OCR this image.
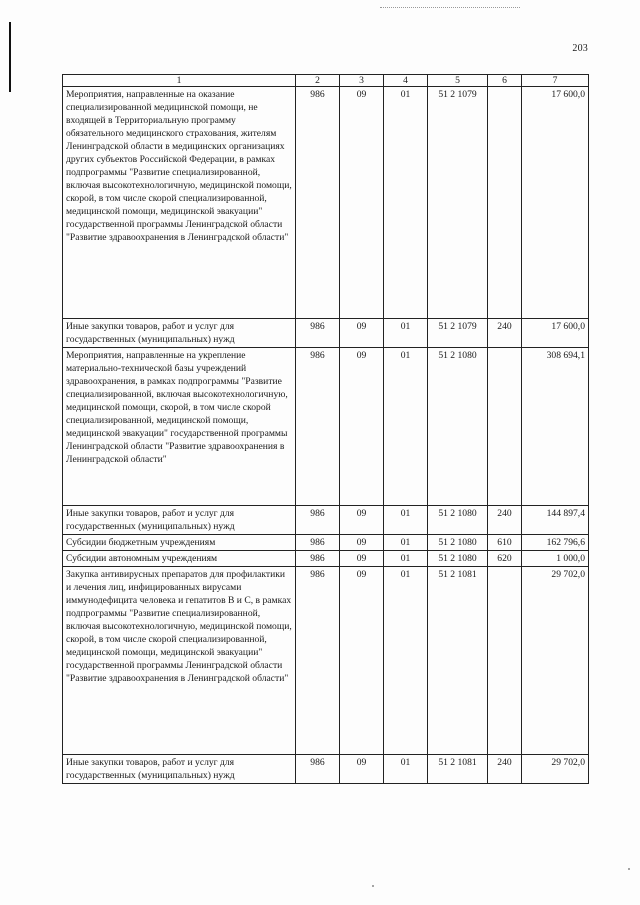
203
1	2	3	4	5	6	7
Мероприятия, направленные на оказание специализированной медицинской помощи, не входящей в Территориальную программу обязательного медицинского страхования, жителям Ленинградской области в медицинских организациях других субъектов Российской Федерации, в рамках подпрограммы "Развитие специализированной, включая высокотехнологичную, медицинской помощи, скорой, в том числе скорой специализированной, медицинской помощи, медицинской эвакуации" государственной программы Ленинградской области "Развитие здравоохранения в Ленинградской области"	986	09	01	51 2 1079		17 600,0
Иные закупки товаров, работ и услуг для государственных (муниципальных) нужд	986	09	01	51 2 1079	240	17 600,0
Мероприятия, направленные на укрепление материально-технической базы учреждений здравоохранения, в рамках подпрограммы "Развитие специализированной, включая высокотехнологичную, медицинской помощи, скорой, в том числе скорой специализированной, медицинской помощи, медицинской эвакуации" государственной программы Ленинградской области "Развитие здравоохранения в Ленинградской области"	986	09	01	51 2 1080		308 694,1
Иные закупки товаров, работ и услуг для государственных (муниципальных) нужд	986	09	01	51 2 1080	240	144 897,4
Субсидии бюджетным учреждениям	986	09	01	51 2 1080	610	162 796,6
Субсидии автономным учреждениям	986	09	01	51 2 1080	620	1 000,0
Закупка антивирусных препаратов для профилактики и лечения лиц, инфицированных вирусами иммунодефицита человека и гепатитов В и С, в рамках подпрограммы "Развитие специализированной, включая высокотехнологичную, медицинской помощи, скорой, в том числе скорой специализированной, медицинской помощи, медицинской эвакуации" государственной программы Ленинградской области "Развитие здравоохранения в Ленинградской области"	986	09	01	51 2 1081		29 702,0
Иные закупки товаров, работ и услуг для государственных (муниципальных) нужд	986	09	01	51 2 1081	240	29 702,0
